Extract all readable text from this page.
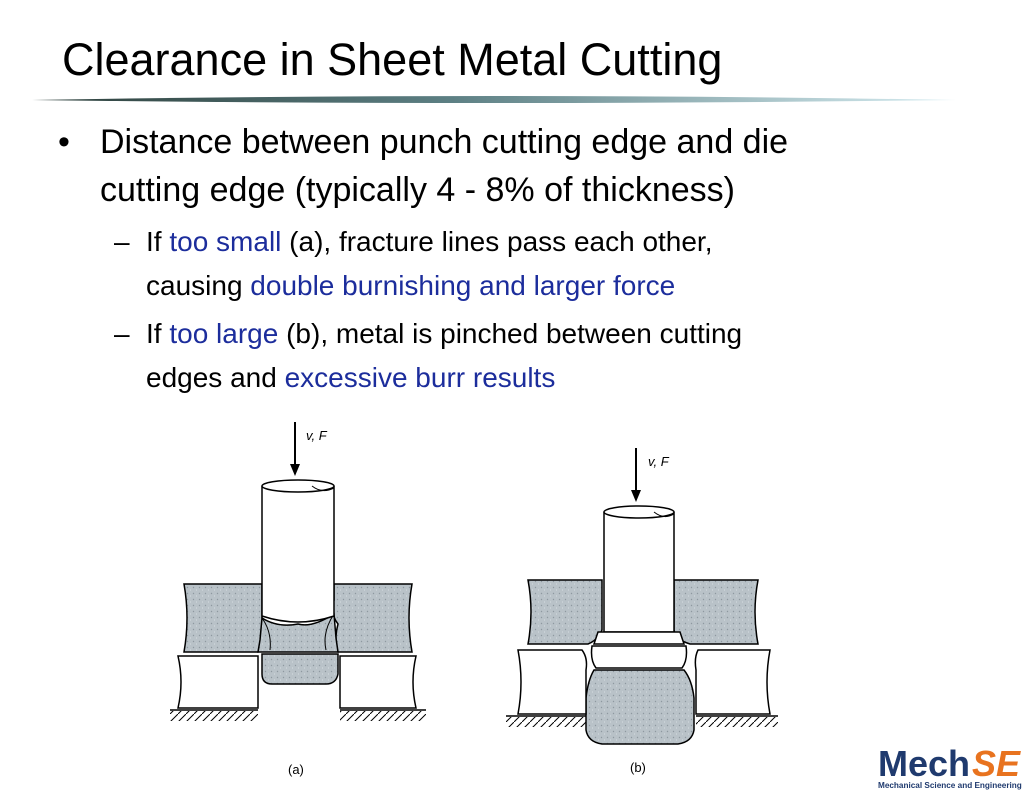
Clearance in Sheet Metal Cutting
• Distance between punch cutting edge and die
cutting edge (typically 4 - 8% of thickness)
– If too small (a), fracture lines pass each other,
causing double burnishing and larger force
– If too large (b), metal is pinched between cutting
edges and excessive burr results
v, F
(a)
v, F
(b)	Mech SE
Mechanical Science and Engineering
